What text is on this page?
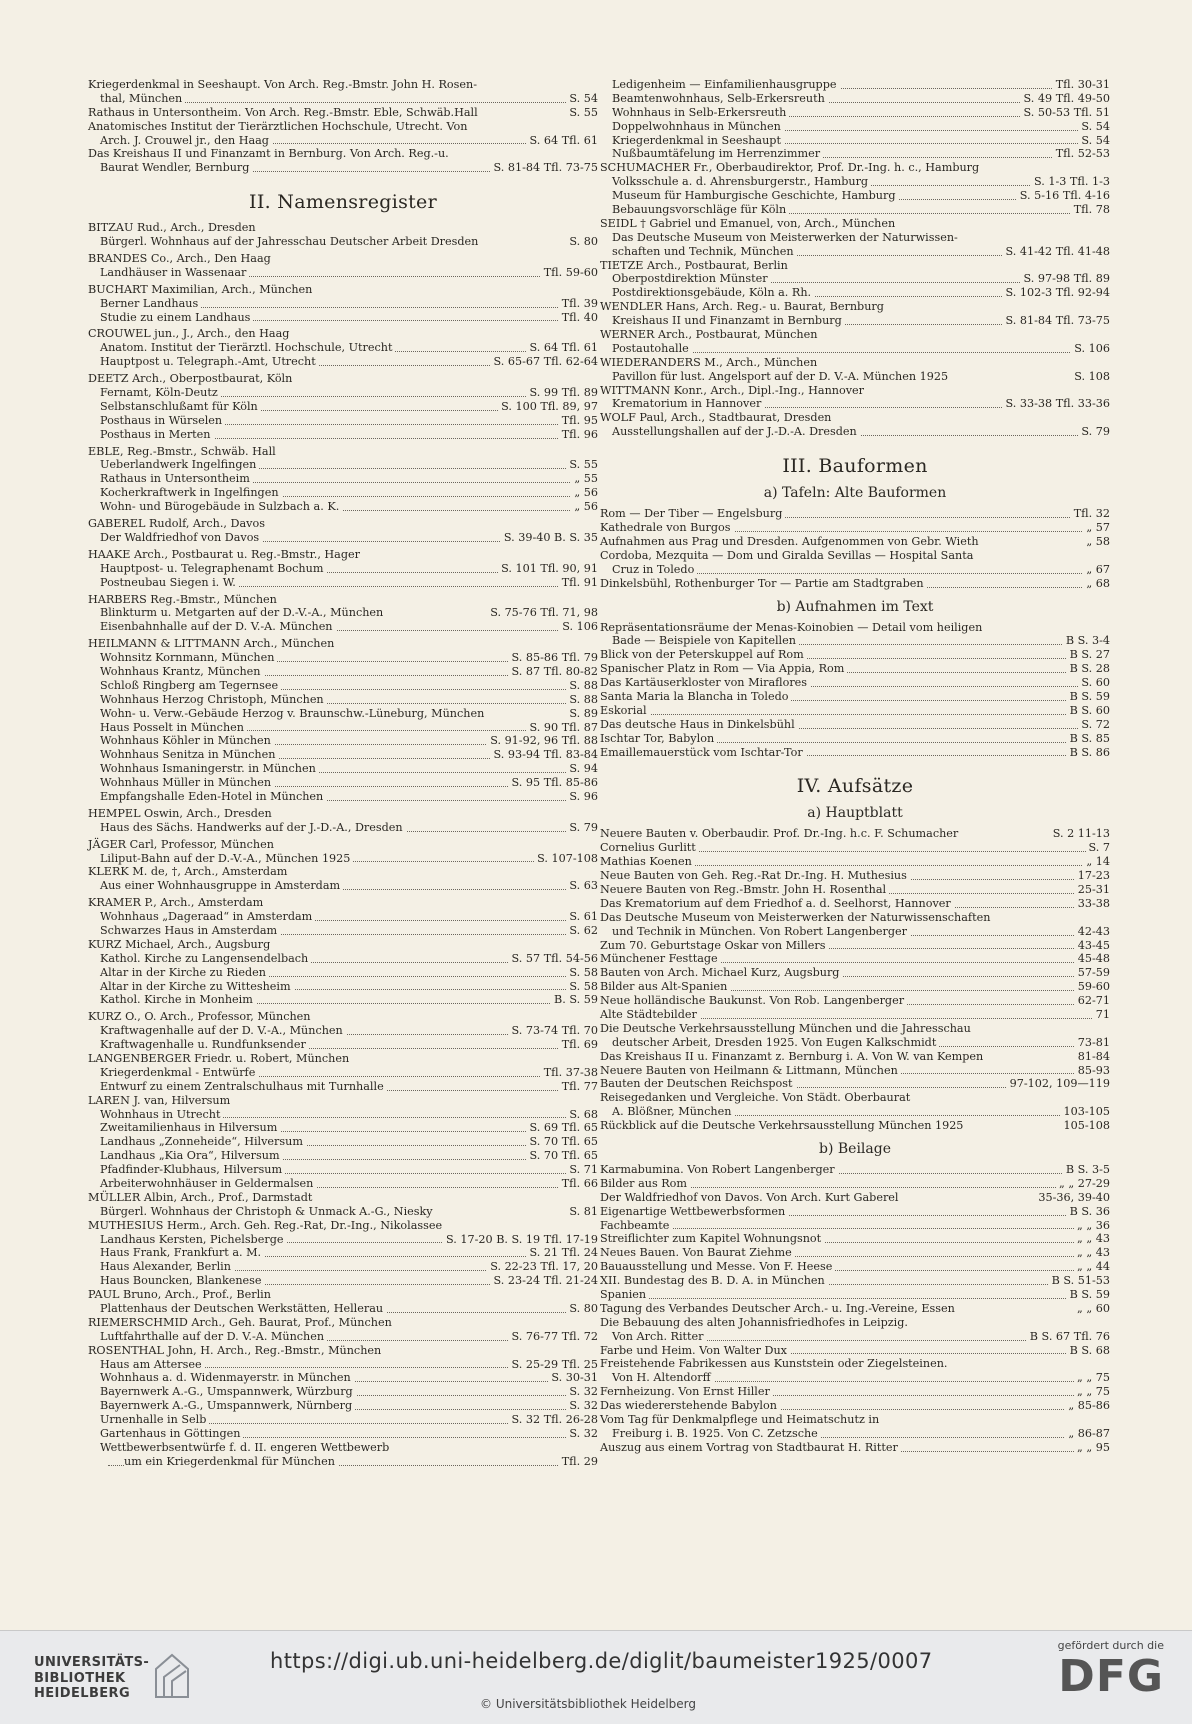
Kriegerdenkmal in Seeshaupt. Von Arch. Reg.-Bmstr. John H. Rosen-
thal, München	S. 54
Rathaus in Untersontheim. Von Arch. Reg.-Bmstr. Eble, Schwäb.Hall	S. 55
Anatomisches Institut der Tierärztlichen Hochschule, Utrecht. Von
Arch. J. Crouwel jr., den Haag	S. 64 Tfl. 61
Das Kreishaus II und Finanzamt in Bernburg. Von Arch. Reg.-u.
Baurat Wendler, Bernburg	S. 81-84 Tfl. 73-75
II. Namensregister
BITZAU Rud., Arch., Dresden
Bürgerl. Wohnhaus auf der Jahresschau Deutscher Arbeit Dresden	S. 80
BRANDES Co., Arch., Den Haag
Landhäuser in Wassenaar	Tfl. 59-60
BUCHART Maximilian, Arch., München
Berner Landhaus	Tfl. 39
Studie zu einem Landhaus	Tfl. 40
CROUWEL jun., J., Arch., den Haag
Anatom. Institut der Tierärztl. Hochschule, Utrecht	S. 64 Tfl. 61
Hauptpost u. Telegraph.-Amt, Utrecht	S. 65-67 Tfl. 62-64
DEETZ Arch., Oberpostbaurat, Köln
Fernamt, Köln-Deutz	S. 99 Tfl. 89
Selbstanschlußamt für Köln	S. 100 Tfl. 89, 97
Posthaus in Würselen	Tfl. 95
Posthaus in Merten	Tfl. 96
EBLE, Reg.-Bmstr., Schwäb. Hall
Ueberlandwerk Ingelfingen	S. 55
Rathaus in Untersontheim	„ 55
Kocherkraftwerk in Ingelfingen	„ 56
Wohn- und Bürogebäude in Sulzbach a. K.	„ 56
GABEREL Rudolf, Arch., Davos
Der Waldfriedhof von Davos	S. 39-40 B. S. 35
HAAKE Arch., Postbaurat u. Reg.-Bmstr., Hager
Hauptpost- u. Telegraphenamt Bochum	S. 101 Tfl. 90, 91
Postneubau Siegen i. W.	Tfl. 91
HARBERS Reg.-Bmstr., München
Blinkturm u. Metgarten auf der D.-V.-A., München	S. 75-76 Tfl. 71, 98
Eisenbahnhalle auf der D. V.-A. München	S. 106
HEILMANN & LITTMANN Arch., München
Wohnsitz Kornmann, München	S. 85-86 Tfl. 79
Wohnhaus Krantz, München	S. 87 Tfl. 80-82
Schloß Ringberg am Tegernsee	S. 88
Wohnhaus Herzog Christoph, München	S. 88
Wohn- u. Verw.-Gebäude Herzog v. Braunschw.-Lüneburg, München	S. 89
Haus Posselt in München	S. 90 Tfl. 87
Wohnhaus Köhler in München	S. 91-92, 96 Tfl. 88
Wohnhaus Senitza in München	S. 93-94 Tfl. 83-84
Wohnhaus Ismaningerstr. in München	S. 94
Wohnhaus Müller in München	S. 95 Tfl. 85-86
Empfangshalle Eden-Hotel in München	S. 96
HEMPEL Oswin, Arch., Dresden
Haus des Sächs. Handwerks auf der J.-D.-A., Dresden	S. 79
JÄGER Carl, Professor, München
Liliput-Bahn auf der D.-V.-A., München 1925	S. 107-108
KLERK M. de, †, Arch., Amsterdam
Aus einer Wohnhausgruppe in Amsterdam	S. 63
KRAMER P., Arch., Amsterdam
Wohnhaus „Dageraad“ in Amsterdam	S. 61
Schwarzes Haus in Amsterdam	S. 62
KURZ Michael, Arch., Augsburg
Kathol. Kirche zu Langensendelbach	S. 57 Tfl. 54-56
Altar in der Kirche zu Rieden	S. 58
Altar in der Kirche zu Wittesheim	S. 58
Kathol. Kirche in Monheim	B. S. 59
KURZ O., O. Arch., Professor, München
Kraftwagenhalle auf der D. V.-A., München	S. 73-74 Tfl. 70
Kraftwagenhalle u. Rundfunksender	Tfl. 69
LANGENBERGER Friedr. u. Robert, München
Kriegerdenkmal - Entwürfe	Tfl. 37-38
Entwurf zu einem Zentralschulhaus mit Turnhalle	Tfl. 77
LAREN J. van, Hilversum
Wohnhaus in Utrecht	S. 68
Zweitamilienhaus in Hilversum	S. 69 Tfl. 65
Landhaus „Zonneheide“, Hilversum	S. 70 Tfl. 65
Landhaus „Kia Ora“, Hilversum	S. 70 Tfl. 65
Pfadfinder-Klubhaus, Hilversum	S. 71
Arbeiterwohnhäuser in Geldermalsen	Tfl. 66
MÜLLER Albin, Arch., Prof., Darmstadt
Bürgerl. Wohnhaus der Christoph & Unmack A.-G., Niesky	S. 81
MUTHESIUS Herm., Arch. Geh. Reg.-Rat, Dr.-Ing., Nikolassee
Landhaus Kersten, Pichelsberge	S. 17-20 B. S. 19 Tfl. 17-19
Haus Frank, Frankfurt a. M.	S. 21 Tfl. 24
Haus Alexander, Berlin	S. 22-23 Tfl. 17, 20
Haus Bouncken, Blankenese	S. 23-24 Tfl. 21-24
PAUL Bruno, Arch., Prof., Berlin
Plattenhaus der Deutschen Werkstätten, Hellerau	S. 80
RIEMERSCHMID Arch., Geh. Baurat, Prof., München
Luftfahrthalle auf der D. V.-A. München	S. 76-77 Tfl. 72
ROSENTHAL John, H. Arch., Reg.-Bmstr., München
Haus am Attersee	S. 25-29 Tfl. 25
Wohnhaus a. d. Widenmayerstr. in München	S. 30-31
Bayernwerk A.-G., Umspannwerk, Würzburg	S. 32
Bayernwerk A.-G., Umspannwerk, Nürnberg	S. 32
Urnenhalle in Selb	S. 32 Tfl. 26-28
Gartenhaus in Göttingen	S. 32
Wettbewerbsentwürfe f. d. II. engeren Wettbewerb
um ein Kriegerdenkmal für München	Tfl. 29
Ledigenheim — Einfamilienhausgruppe	Tfl. 30-31
Beamtenwohnhaus, Selb-Erkersreuth	S. 49 Tfl. 49-50
Wohnhaus in Selb-Erkersreuth	S. 50-53 Tfl. 51
Doppelwohnhaus in München	S. 54
Kriegerdenkmal in Seeshaupt	S. 54
Nußbaumtäfelung im Herrenzimmer	Tfl. 52-53
SCHUMACHER Fr., Oberbaudirektor, Prof. Dr.-Ing. h. c., Hamburg
Volksschule a. d. Ahrensburgerstr., Hamburg	S. 1-3 Tfl. 1-3
Museum für Hamburgische Geschichte, Hamburg	S. 5-16 Tfl. 4-16
Bebauungsvorschläge für Köln	Tfl. 78
SEIDL † Gabriel und Emanuel, von, Arch., München
Das Deutsche Museum von Meisterwerken der Naturwissen-
schaften und Technik, München	S. 41-42 Tfl. 41-48
TIETZE Arch., Postbaurat, Berlin
Oberpostdirektion Münster	S. 97-98 Tfl. 89
Postdirektionsgebäude, Köln a. Rh.	S. 102-3 Tfl. 92-94
WENDLER Hans, Arch. Reg.- u. Baurat, Bernburg
Kreishaus II und Finanzamt in Bernburg	S. 81-84 Tfl. 73-75
WERNER Arch., Postbaurat, München
Postautohalle	S. 106
WIEDERANDERS M., Arch., München
Pavillon für lust. Angelsport auf der D. V.-A. München 1925	S. 108
WITTMANN Konr., Arch., Dipl.-Ing., Hannover
Krematorium in Hannover	S. 33-38 Tfl. 33-36
WOLF Paul, Arch., Stadtbaurat, Dresden
Ausstellungshallen auf der J.-D.-A. Dresden	S. 79
III. Bauformen
a) Tafeln: Alte Bauformen
Rom — Der Tiber — Engelsburg	Tfl. 32
Kathedrale von Burgos	„ 57
Aufnahmen aus Prag und Dresden. Aufgenommen von Gebr. Wieth	„ 58
Cordoba, Mezquita — Dom und Giralda Sevillas — Hospital Santa
Cruz in Toledo	„ 67
Dinkelsbühl, Rothenburger Tor — Partie am Stadtgraben	„ 68
b) Aufnahmen im Text
Repräsentationsräume der Menas-Koinobien — Detail vom heiligen
Bade — Beispiele von Kapitellen	B S. 3-4
Blick von der Peterskuppel auf Rom	B S. 27
Spanischer Platz in Rom — Via Appia, Rom	B S. 28
Das Kartäuserkloster von Miraflores	S. 60
Santa Maria la Blancha in Toledo	B S. 59
Eskorial	B S. 60
Das deutsche Haus in Dinkelsbühl	S. 72
Ischtar Tor, Babylon	B S. 85
Emaillemauerstück vom Ischtar-Tor	B S. 86
IV. Aufsätze
a) Hauptblatt
Neuere Bauten v. Oberbaudir. Prof. Dr.-Ing. h.c. F. Schumacher	S. 2 11-13
Cornelius Gurlitt	S. 7
Mathias Koenen	„ 14
Neue Bauten von Geh. Reg.-Rat Dr.-Ing. H. Muthesius	17-23
Neuere Bauten von Reg.-Bmstr. John H. Rosenthal	25-31
Das Krematorium auf dem Friedhof a. d. Seelhorst, Hannover	33-38
Das Deutsche Museum von Meisterwerken der Naturwissenschaften
und Technik in München. Von Robert Langenberger	42-43
Zum 70. Geburtstage Oskar von Millers	43-45
Münchener Festtage	45-48
Bauten von Arch. Michael Kurz, Augsburg	57-59
Bilder aus Alt-Spanien	59-60
Neue holländische Baukunst. Von Rob. Langenberger	62-71
Alte Städtebilder	71
Die Deutsche Verkehrsausstellung München und die Jahresschau
deutscher Arbeit, Dresden 1925. Von Eugen Kalkschmidt	73-81
Das Kreishaus II u. Finanzamt z. Bernburg i. A. Von W. van Kempen	81-84
Neuere Bauten von Heilmann & Littmann, München	85-93
Bauten der Deutschen Reichspost	97-102, 109—119
Reisegedanken und Vergleiche. Von Städt. Oberbaurat
A. Blößner, München	103-105
Rückblick auf die Deutsche Verkehrsausstellung München 1925	105-108
b) Beilage
Karmabumina. Von Robert Langenberger	B S. 3-5
Bilder aus Rom	„ „ 27-29
Der Waldfriedhof von Davos. Von Arch. Kurt Gaberel	35-36, 39-40
Eigenartige Wettbewerbsformen	B S. 36
Fachbeamte	„ „ 36
Streiflichter zum Kapitel Wohnungsnot	„ „ 43
Neues Bauen. Von Baurat Ziehme	„ „ 43
Bauausstellung und Messe. Von F. Heese	„ „ 44
XII. Bundestag des B. D. A. in München	B S. 51-53
Spanien	B S. 59
Tagung des Verbandes Deutscher Arch.- u. Ing.-Vereine, Essen	„ „ 60
Die Bebauung des alten Johannisfriedhofes in Leipzig.
Von Arch. Ritter	B S. 67 Tfl. 76
Farbe und Heim. Von Walter Dux	B S. 68
Freistehende Fabrikessen aus Kunststein oder Ziegelsteinen.
Von H. Altendorff	„ „ 75
Fernheizung. Von Ernst Hiller	„ „ 75
Das wiedererstehende Babylon	„ 85-86
Vom Tag für Denkmalpflege und Heimatschutz in
Freiburg i. B. 1925. Von C. Zetzsche	„ 86-87
Auszug aus einem Vortrag von Stadtbaurat H. Ritter	„ „ 95
UNIVERSITÄTS-
BIBLIOTHEK
HEIDELBERG
https://digi.ub.uni-heidelberg.de/diglit/baumeister1925/0007
© Universitätsbibliothek Heidelberg
gefördert durch die
DFG
